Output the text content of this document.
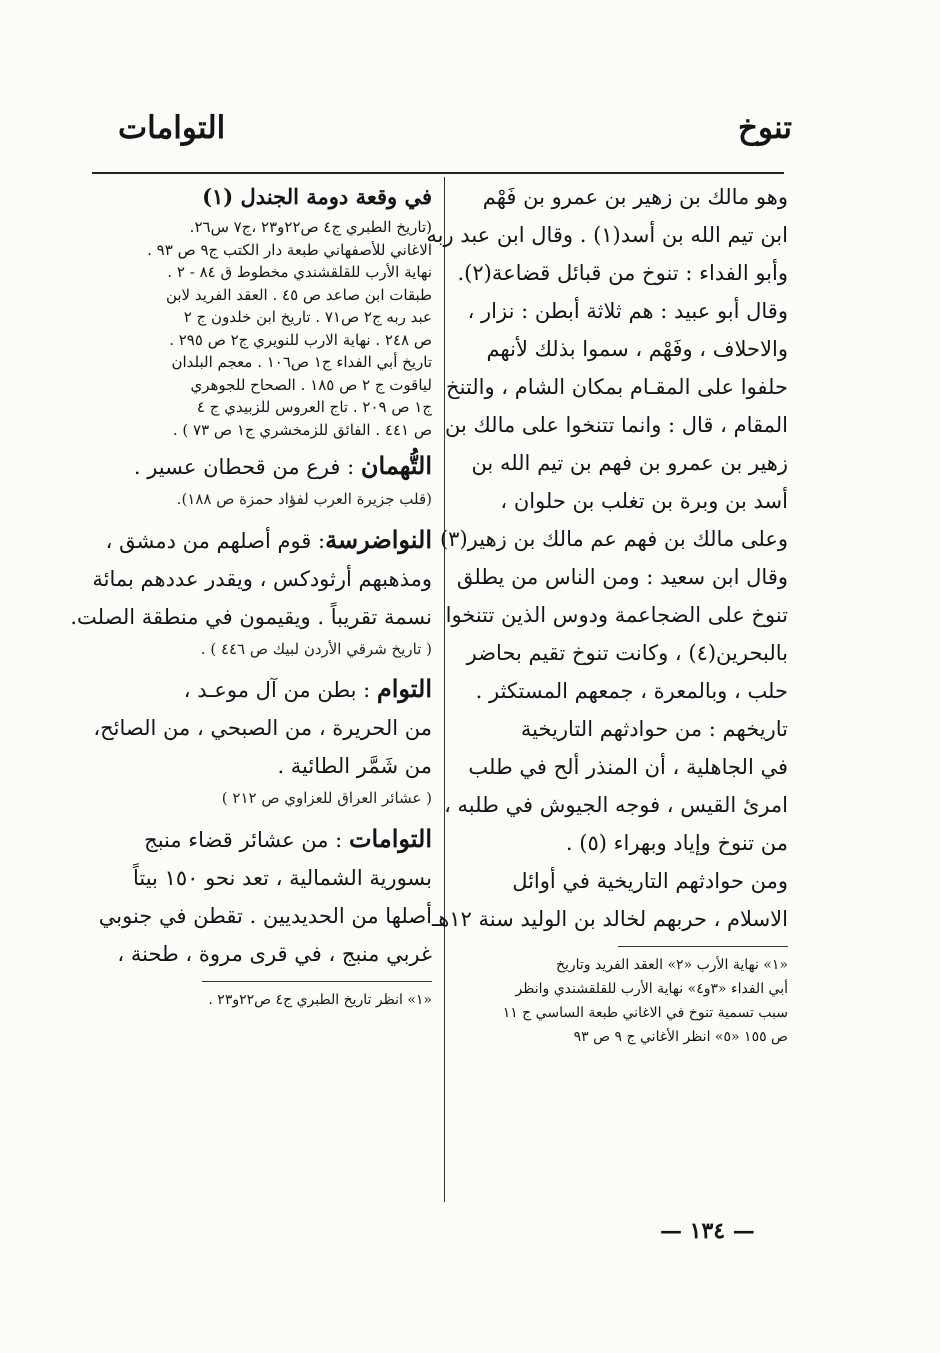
تنوخ
التوامات

وهو مالك بن زهير بن عمرو بن فَهْم

ابن تيم الله بن أسد(١) . وقال ابن عبد ربه

وأبو الفداء : تنوخ من قبائل قضاعة(٢).

وقال أبو عبيد : هم ثلاثة أبطن : نزار ،

والاحلاف ، وفَهْم ، سموا بذلك لأنهم

حلفوا على المقـام بمكان الشام ، والتنخ

المقام ، قال : وانما تتنخوا على مالك بن

زهير بن عمرو بن فهم بن تيم الله بن

أسد بن وبرة بن تغلب بن حلوان ،

وعلى مالك بن فهم عم مالك بن زهير(٣)

وقال ابن سعيد : ومن الناس من يطلق

تنوخ على الضجاعمة ودوس الذين تتنخوا

بالبحرين(٤) ، وكانت تنوخ تقيم بحاضر

حلب ، وبالمعرة ، جمعهم المستكثر .

تاريخهم : من حوادثهم التاريخية

في الجاهلية ، أن المنذر ألح في طلب

امرئ القيس ، فوجه الجيوش في طلبه ،

من تنوخ وإياد وبهراء (٥) .

ومن حوادثهم التاريخية في أوائل

الاسلام ، حربهم لخالد بن الوليد سنة ١٢هـ

«١» نهاية الأرب «٢» العقد الفريد وتاريخ
أبي الفداء «٣و٤» نهاية الأرب للقلقشندي وانظر
سبب تسمية تنوخ في الاغاني طبعة الساسي ج ١١
ص ١٥٥ «٥» انظر الأغاني ج ٩ ص ٩٣

في وقعة دومة الجندل (١)

(تاريخ الطبري ج٤ ص٢٢و٢٣ ،ج٧ س٢٦.

الاغاني للأصفهاني طبعة دار الكتب ج٩ ص ٩٣ .

نهاية الأرب للقلقشندي مخطوط ق ٨٤ - ٢ .

طبقات ابن صاعد ص ٤٥ . العقد الفريد لابن

عبد ربه ج٢ ص٧١ . تاريخ ابن خلدون ج ٢

ص ٢٤٨ . نهاية الارب للنويري ج٢ ص ٢٩٥ .

تاريخ أبي الفداء ج١ ص١٠٦ . معجم البلدان

لياقوت ج ٢ ص ١٨٥ . الصحاح للجوهري

ج١ ص ٢٠٩ . تاج العروس للزبيدي ج ٤

ص ٤٤١ . الفائق للزمخشري ج١ ص ٧٣ ) .

التُّهمان : فرع من قحطان عسير .

(قلب جزيرة العرب لفؤاد حمزة ص ١٨٨).

النواضرسة: قوم أصلهم من دمشق ،

ومذهبهم أرثودكس ، ويقدر عددهم بمائة

نسمة تقريباً . ويقيمون في منطقة الصلت.

( تاريخ شرقي الأردن لبيك ص ٤٤٦ ) .

التوام : بطن من آل موعـد ،

من الحريرة ، من الصبحي ، من الصائح،

من شَمَّر الطائية .

( عشائر العراق للعزاوي ص ٢١٢ )

التوامات : من عشائر قضاء منبج

بسورية الشمالية ، تعد نحو ١٥٠ بيتاً

أصلها من الحديديين . تقطن في جنوبي

غربي منبج ، في قرى مروة ، طحنة ،

«١» انظر تاريخ الطبري ج٤ ص٢٢و٢٣ .
— ١٣٤ —
